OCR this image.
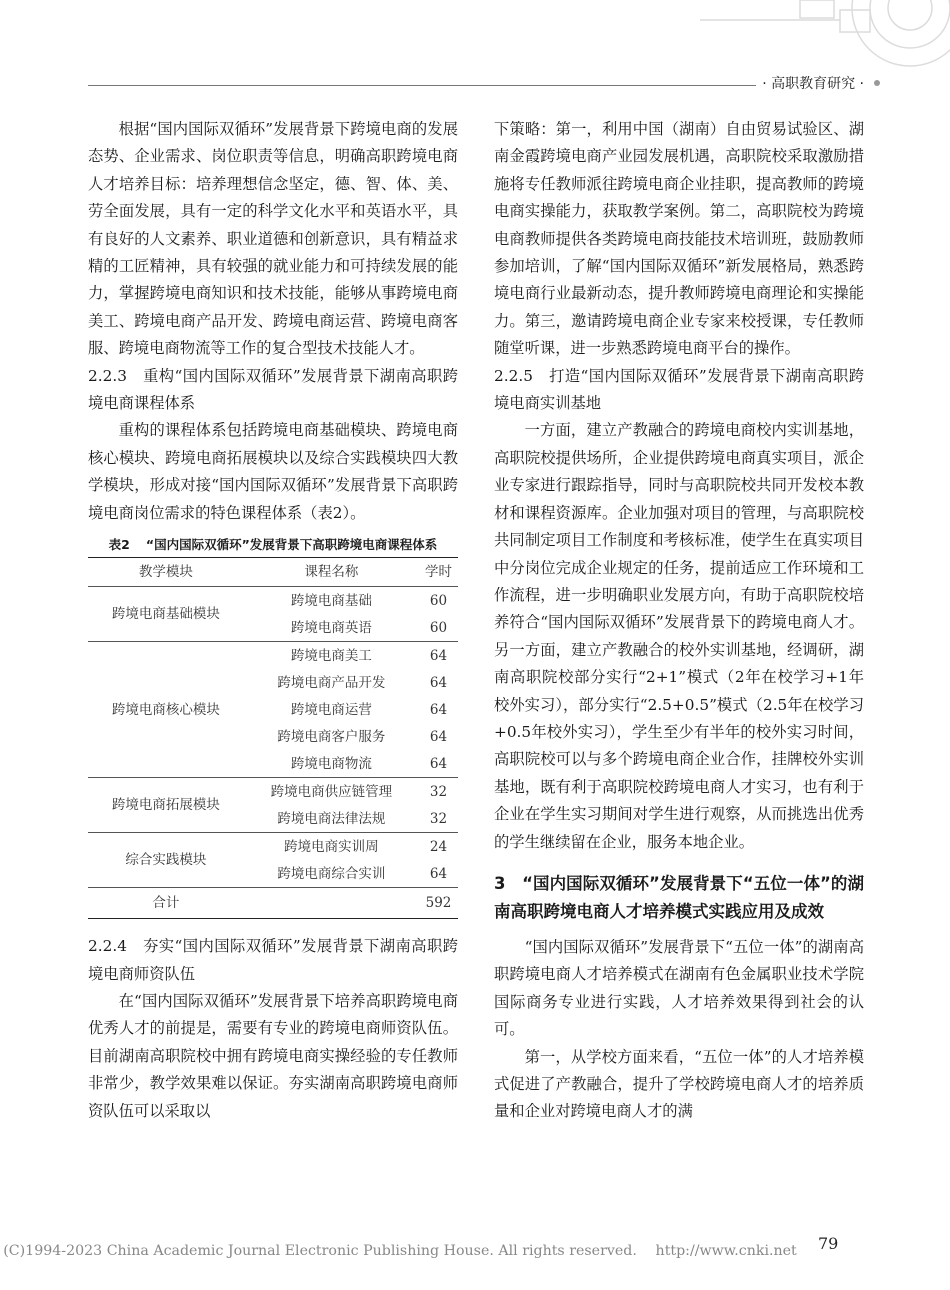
· 高职教育研究 ·

根据“国内国际双循环”发展背景下跨境电商的发展态势、企业需求、岗位职责等信息，明确高职跨境电商人才培养目标：培养理想信念坚定，德、智、体、美、劳全面发展，具有一定的科学文化水平和英语水平，具有良好的人文素养、职业道德和创新意识，具有精益求精的工匠精神，具有较强的就业能力和可持续发展的能力，掌握跨境电商知识和技术技能，能够从事跨境电商美工、跨境电商产品开发、跨境电商运营、跨境电商客服、跨境电商物流等工作的复合型技术技能人才。

2.2.3　重构“国内国际双循环”发展背景下湖南高职跨境电商课程体系

重构的课程体系包括跨境电商基础模块、跨境电商核心模块、跨境电商拓展模块以及综合实践模块四大教学模块，形成对接“国内国际双循环”发展背景下高职跨境电商岗位需求的特色课程体系（表2）。

表2 “国内国际双循环”发展背景下高职跨境电商课程体系
教学模块	课程名称	学时
跨境电商基础模块	跨境电商基础	60
	跨境电商英语	60
跨境电商核心模块	跨境电商美工	64
	跨境电商产品开发	64
	跨境电商运营	64
	跨境电商客户服务	64
	跨境电商物流	64
跨境电商拓展模块	跨境电商供应链管理	32
	跨境电商法律法规	32
综合实践模块	跨境电商实训周	24
	跨境电商综合实训	64
合计		592

2.2.4　夯实“国内国际双循环”发展背景下湖南高职跨境电商师资队伍

在“国内国际双循环”发展背景下培养高职跨境电商优秀人才的前提是，需要有专业的跨境电商师资队伍。目前湖南高职院校中拥有跨境电商实操经验的专任教师非常少，教学效果难以保证。夯实湖南高职跨境电商师资队伍可以采取以

下策略：第一，利用中国（湖南）自由贸易试验区、湖南金霞跨境电商产业园发展机遇，高职院校采取激励措施将专任教师派往跨境电商企业挂职，提高教师的跨境电商实操能力，获取教学案例。第二，高职院校为跨境电商教师提供各类跨境电商技能技术培训班，鼓励教师参加培训，了解“国内国际双循环”新发展格局，熟悉跨境电商行业最新动态，提升教师跨境电商理论和实操能力。第三，邀请跨境电商企业专家来校授课，专任教师随堂听课，进一步熟悉跨境电商平台的操作。

2.2.5　打造“国内国际双循环”发展背景下湖南高职跨境电商实训基地

一方面，建立产教融合的跨境电商校内实训基地，高职院校提供场所，企业提供跨境电商真实项目，派企业专家进行跟踪指导，同时与高职院校共同开发校本教材和课程资源库。企业加强对项目的管理，与高职院校共同制定项目工作制度和考核标准，使学生在真实项目中分岗位完成企业规定的任务，提前适应工作环境和工作流程，进一步明确职业发展方向，有助于高职院校培养符合“国内国际双循环”发展背景下的跨境电商人才。另一方面，建立产教融合的校外实训基地，经调研，湖南高职院校部分实行“2+1”模式（2年在校学习+1年校外实习），部分实行“2.5+0.5”模式（2.5年在校学习+0.5年校外实习），学生至少有半年的校外实习时间，高职院校可以与多个跨境电商企业合作，挂牌校外实训基地，既有利于高职院校跨境电商人才实习，也有利于企业在学生实习期间对学生进行观察，从而挑选出优秀的学生继续留在企业，服务本地企业。

3　“国内国际双循环”发展背景下“五位一体”的湖南高职跨境电商人才培养模式实践应用及成效

“国内国际双循环”发展背景下“五位一体”的湖南高职跨境电商人才培养模式在湖南有色金属职业技术学院国际商务专业进行实践，人才培养效果得到社会的认可。

第一，从学校方面来看，“五位一体”的人才培养模式促进了产教融合，提升了学校跨境电商人才的培养质量和企业对跨境电商人才的满

(C)1994-2023 China Academic Journal Electronic Publishing House. All rights reserved.　 http://www.cnki.net 79
